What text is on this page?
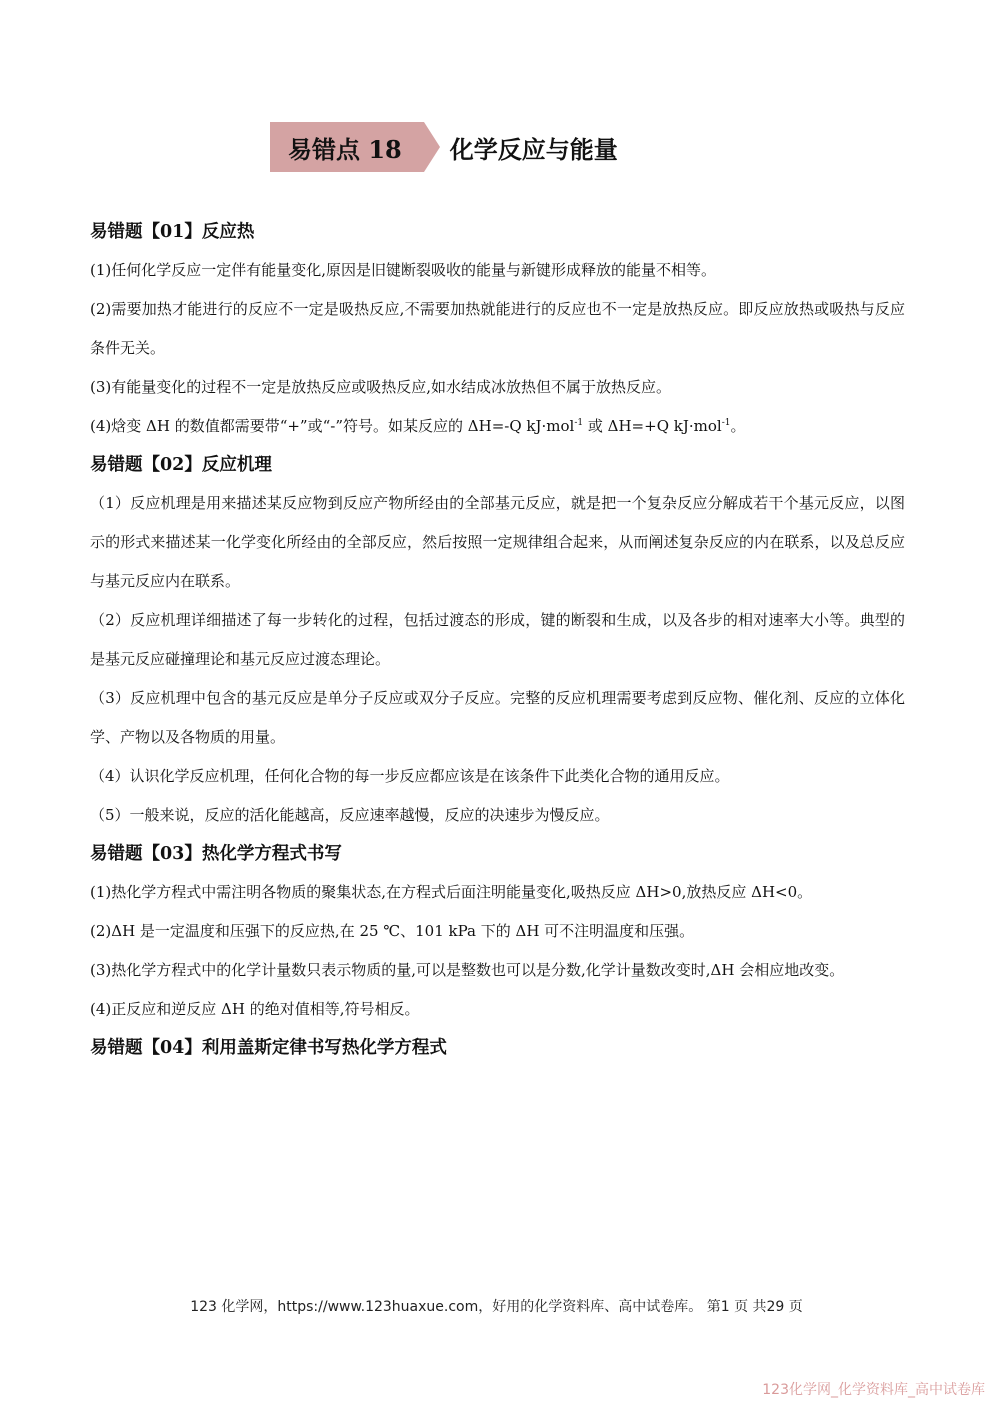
易错点 18	化学反应与能量
易错题【01】反应热

(1)任何化学反应一定伴有能量变化,原因是旧键断裂吸收的能量与新键形成释放的能量不相等。

(2)需要加热才能进行的反应不一定是吸热反应,不需要加热就能进行的反应也不一定是放热反应。即反应放热或吸热与反应条件无关。

(3)有能量变化的过程不一定是放热反应或吸热反应,如水结成冰放热但不属于放热反应。

(4)焓变 ΔH 的数值都需要带“+”或“-”符号。如某反应的 ΔH=-Q kJ·mol$^{-1}$ 或 ΔH=+Q kJ·mol$^{-1}$。

易错题【02】反应机理

（1）反应机理是用来描述某反应物到反应产物所经由的全部基元反应，就是把一个复杂反应分解成若干个基元反应，以图示的形式来描述某一化学变化所经由的全部反应，然后按照一定规律组合起来，从而阐述复杂反应的内在联系，以及总反应与基元反应内在联系。

（2）反应机理详细描述了每一步转化的过程，包括过渡态的形成，键的断裂和生成，以及各步的相对速率大小等。典型的是基元反应碰撞理论和基元反应过渡态理论。

（3）反应机理中包含的基元反应是单分子反应或双分子反应。完整的反应机理需要考虑到反应物、催化剂、反应的立体化学、产物以及各物质的用量。

（4）认识化学反应机理，任何化合物的每一步反应都应该是在该条件下此类化合物的通用反应。

（5）一般来说，反应的活化能越高，反应速率越慢，反应的决速步为慢反应。

易错题【03】热化学方程式书写

(1)热化学方程式中需注明各物质的聚集状态,在方程式后面注明能量变化,吸热反应 ΔH>0,放热反应 ΔH<0。

(2)ΔH 是一定温度和压强下的反应热,在 25 ℃、101 kPa 下的 ΔH 可不注明温度和压强。

(3)热化学方程式中的化学计量数只表示物质的量,可以是整数也可以是分数,化学计量数改变时,ΔH 会相应地改变。

(4)正反应和逆反应 ΔH 的绝对值相等,符号相反。

易错题【04】利用盖斯定律书写热化学方程式
123 化学网，https://www.123huaxue.com，好用的化学资料库、高中试卷库。 第1 页 共29 页
123化学网_化学资料库_高中试卷库
